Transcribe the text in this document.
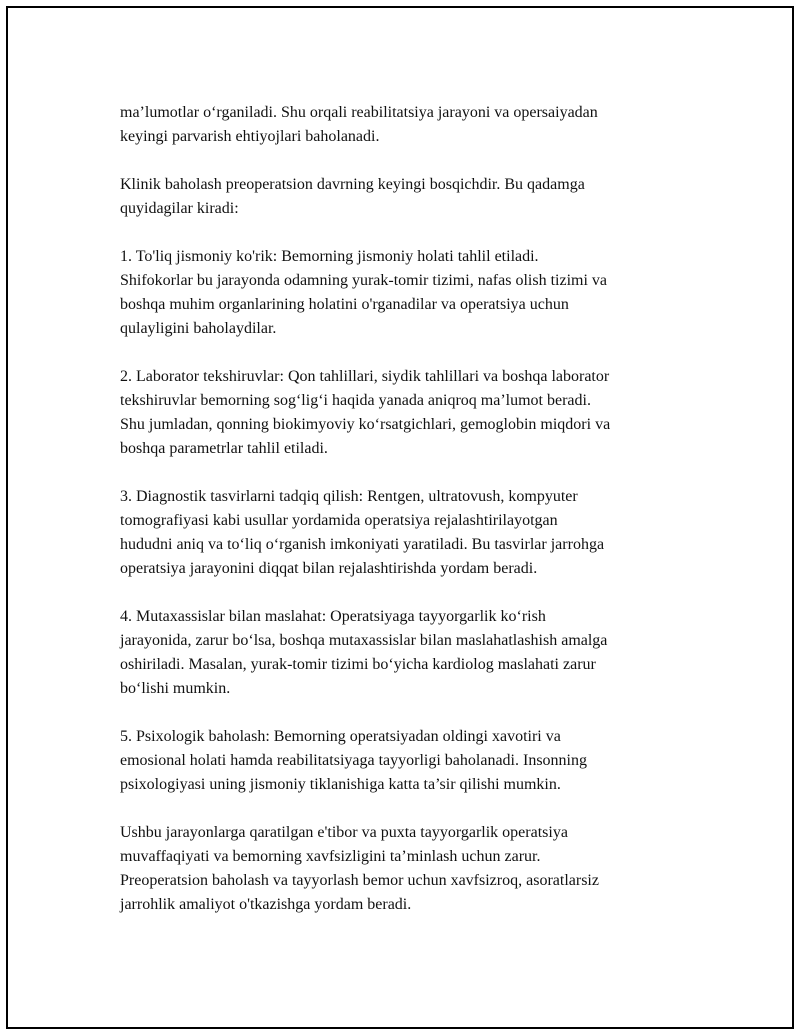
ma’lumotlar o‘rganiladi. Shu orqali reabilitatsiya jarayoni va opersaiyadan
keyingi parvarish ehtiyojlari baholanadi.

Klinik baholash preoperatsion davrning keyingi bosqichdir. Bu qadamga
quyidagilar kiradi:

1. To'liq jismoniy ko'rik: Bemorning jismoniy holati tahlil etiladi.
Shifokorlar bu jarayonda odamning yurak-tomir tizimi, nafas olish tizimi va
boshqa muhim organlarining holatini o'rganadilar va operatsiya uchun
qulayligini baholaydilar.

2. Laborator tekshiruvlar: Qon tahlillari, siydik tahlillari va boshqa laborator
tekshiruvlar bemorning sog‘lig‘i haqida yanada aniqroq ma’lumot beradi.
Shu jumladan, qonning biokimyoviy ko‘rsatgichlari, gemoglobin miqdori va
boshqa parametrlar tahlil etiladi.

3. Diagnostik tasvirlarni tadqiq qilish: Rentgen, ultratovush, kompyuter
tomografiyasi kabi usullar yordamida operatsiya rejalashtirilayotgan
hududni aniq va to‘liq o‘rganish imkoniyati yaratiladi. Bu tasvirlar jarrohga
operatsiya jarayonini diqqat bilan rejalashtirishda yordam beradi.

4. Mutaxassislar bilan maslahat: Operatsiyaga tayyorgarlik ko‘rish
jarayonida, zarur bo‘lsa, boshqa mutaxassislar bilan maslahatlashish amalga
oshiriladi. Masalan, yurak-tomir tizimi bo‘yicha kardiolog maslahati zarur
bo‘lishi mumkin.

5. Psixologik baholash: Bemorning operatsiyadan oldingi xavotiri va
emosional holati hamda reabilitatsiyaga tayyorligi baholanadi. Insonning
psixologiyasi uning jismoniy tiklanishiga katta ta’sir qilishi mumkin.

Ushbu jarayonlarga qaratilgan e'tibor va puxta tayyorgarlik operatsiya
muvaffaqiyati va bemorning xavfsizligini ta’minlash uchun zarur.
Preoperatsion baholash va tayyorlash bemor uchun xavfsizroq, asoratlarsiz
jarrohlik amaliyot o'tkazishga yordam beradi.
